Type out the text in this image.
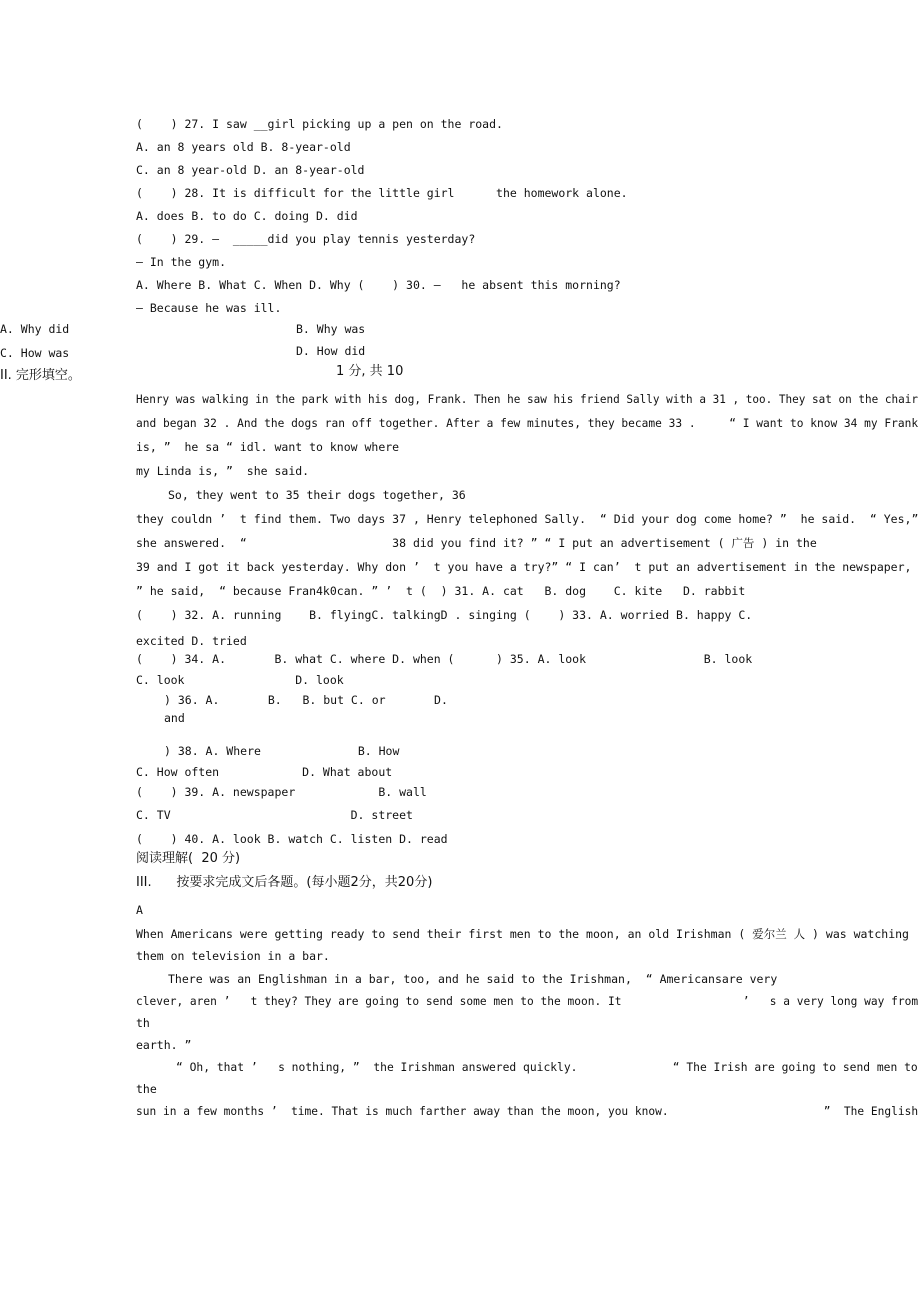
(    ) 27. I saw __girl picking up a pen on the road.
A. an 8 years old B. 8-year-old
C. an 8 year-old D. an 8-year-old
(    ) 28. It is difficult for the little girl      the homework alone.
A. does B. to do C. doing D. did
(    ) 29. —  _____did you play tennis yesterday?
— In the gym.
A. Where B. What C. When D. Why (    ) 30. —   he absent this morning?
— Because he was ill.
A. Why did	B. Why was
C. How was	D. How did
II. 完形填空。	1 分, 共 10
Henry was walking in the park with his dog, Frank. Then he saw his friend Sally with a 31 , too. They sat on the chair
and began 32 . And the dogs ran off together. After a few minutes, they became 33 .     “ I want to know 34 my Frank
is, ”  he sa “ idl. want to know where
my Linda is, ”  she said.
So, they went to 35 their dogs together, 36
they couldn ’  t find them. Two days 37 , Henry telephoned Sally.  “ Did your dog come home? ”  he said.  “ Yes,”
she answered.  “                     38 did you find it? ” “ I put an advertisement ( 广告 ) in the
39 and I got it back yesterday. Why don ’  t you have a try?” “ I can’  t put an advertisement in the newspaper,
” he said,  “ because Fran4k0can. ” ’  t (  ) 31. A. cat   B. dog    C. kite   D. rabbit
(    ) 32. A. running    B. flyingC. talkingD . singing (    ) 33. A. worried B. happy C.
excited D. tried
(    ) 34. A.       B. what C. where D. when (      ) 35. A. look                 B. look
C. look                D. look
) 36. A.       B.   B. but C. or       D.
and
) 38. A. Where              B. How
C. How often            D. What about
(    ) 39. A. newspaper            B. wall
C. TV                          D. street
(    ) 40. A. look B. watch C. listen D. read
阅读理解(  20 分)
III.      按要求完成文后各题。(每小题2分，共20分)
A
When Americans were getting ready to send their first men to the moon, an old Irishman ( 爱尔兰 人 ) was watching
them on television in a bar.
There was an Englishman in a bar, too, and he said to the Irishman,  “ Americansare very
clever, aren ’   t they? They are going to send some men to the moon. It                  ’   s a very long way from
th
earth. ”
“ Oh, that ’   s nothing, ”  the Irishman answered quickly.              “ The Irish are going to send men to
the
sun in a few months ’  time. That is much farther away than the moon, you know.                       ”  The English
